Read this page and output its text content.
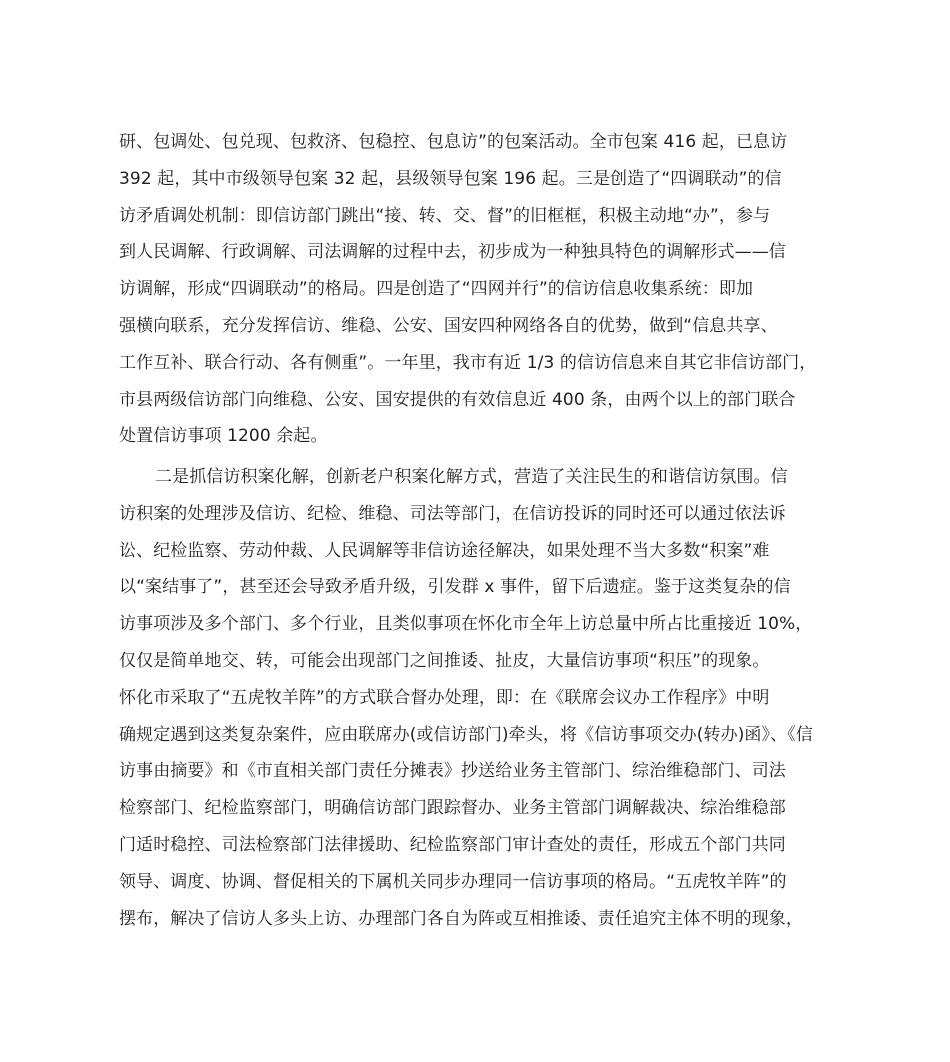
研、包调处、包兑现、包救济、包稳控、包息访”的包案活动。全市包案 416 起，已息访
392 起，其中市级领导包案 32 起，县级领导包案 196 起。三是创造了“四调联动”的信
访矛盾调处机制：即信访部门跳出“接、转、交、督”的旧框框，积极主动地“办”，参与
到人民调解、行政调解、司法调解的过程中去，初步成为一种独具特色的调解形式——信
访调解，形成“四调联动”的格局。四是创造了“四网并行”的信访信息收集系统：即加
强横向联系，充分发挥信访、维稳、公安、国安四种网络各自的优势，做到“信息共享、
工作互补、联合行动、各有侧重”。一年里，我市有近 1/3 的信访信息来自其它非信访部门，
市县两级信访部门向维稳、公安、国安提供的有效信息近 400 条，由两个以上的部门联合
处置信访事项 1200 余起。
二是抓信访积案化解，创新老户积案化解方式，营造了关注民生的和谐信访氛围。信
访积案的处理涉及信访、纪检、维稳、司法等部门，在信访投诉的同时还可以通过依法诉
讼、纪检监察、劳动仲裁、人民调解等非信访途径解决，如果处理不当大多数“积案”难
以“案结事了”，甚至还会导致矛盾升级，引发群 x 事件，留下后遗症。鉴于这类复杂的信
访事项涉及多个部门、多个行业，且类似事项在怀化市全年上访总量中所占比重接近 10%，
仅仅是简单地交、转，可能会出现部门之间推诿、扯皮，大量信访事项“积压”的现象。
怀化市采取了“五虎牧羊阵”的方式联合督办处理，即：在《联席会议办工作程序》中明
确规定遇到这类复杂案件，应由联席办(或信访部门)牵头，将《信访事项交办(转办)函》、《信
访事由摘要》和《市直相关部门责任分摊表》抄送给业务主管部门、综治维稳部门、司法
检察部门、纪检监察部门，明确信访部门跟踪督办、业务主管部门调解裁决、综治维稳部
门适时稳控、司法检察部门法律援助、纪检监察部门审计查处的责任，形成五个部门共同
领导、调度、协调、督促相关的下属机关同步办理同一信访事项的格局。“五虎牧羊阵”的
摆布，解决了信访人多头上访、办理部门各自为阵或互相推诿、责任追究主体不明的现象，
